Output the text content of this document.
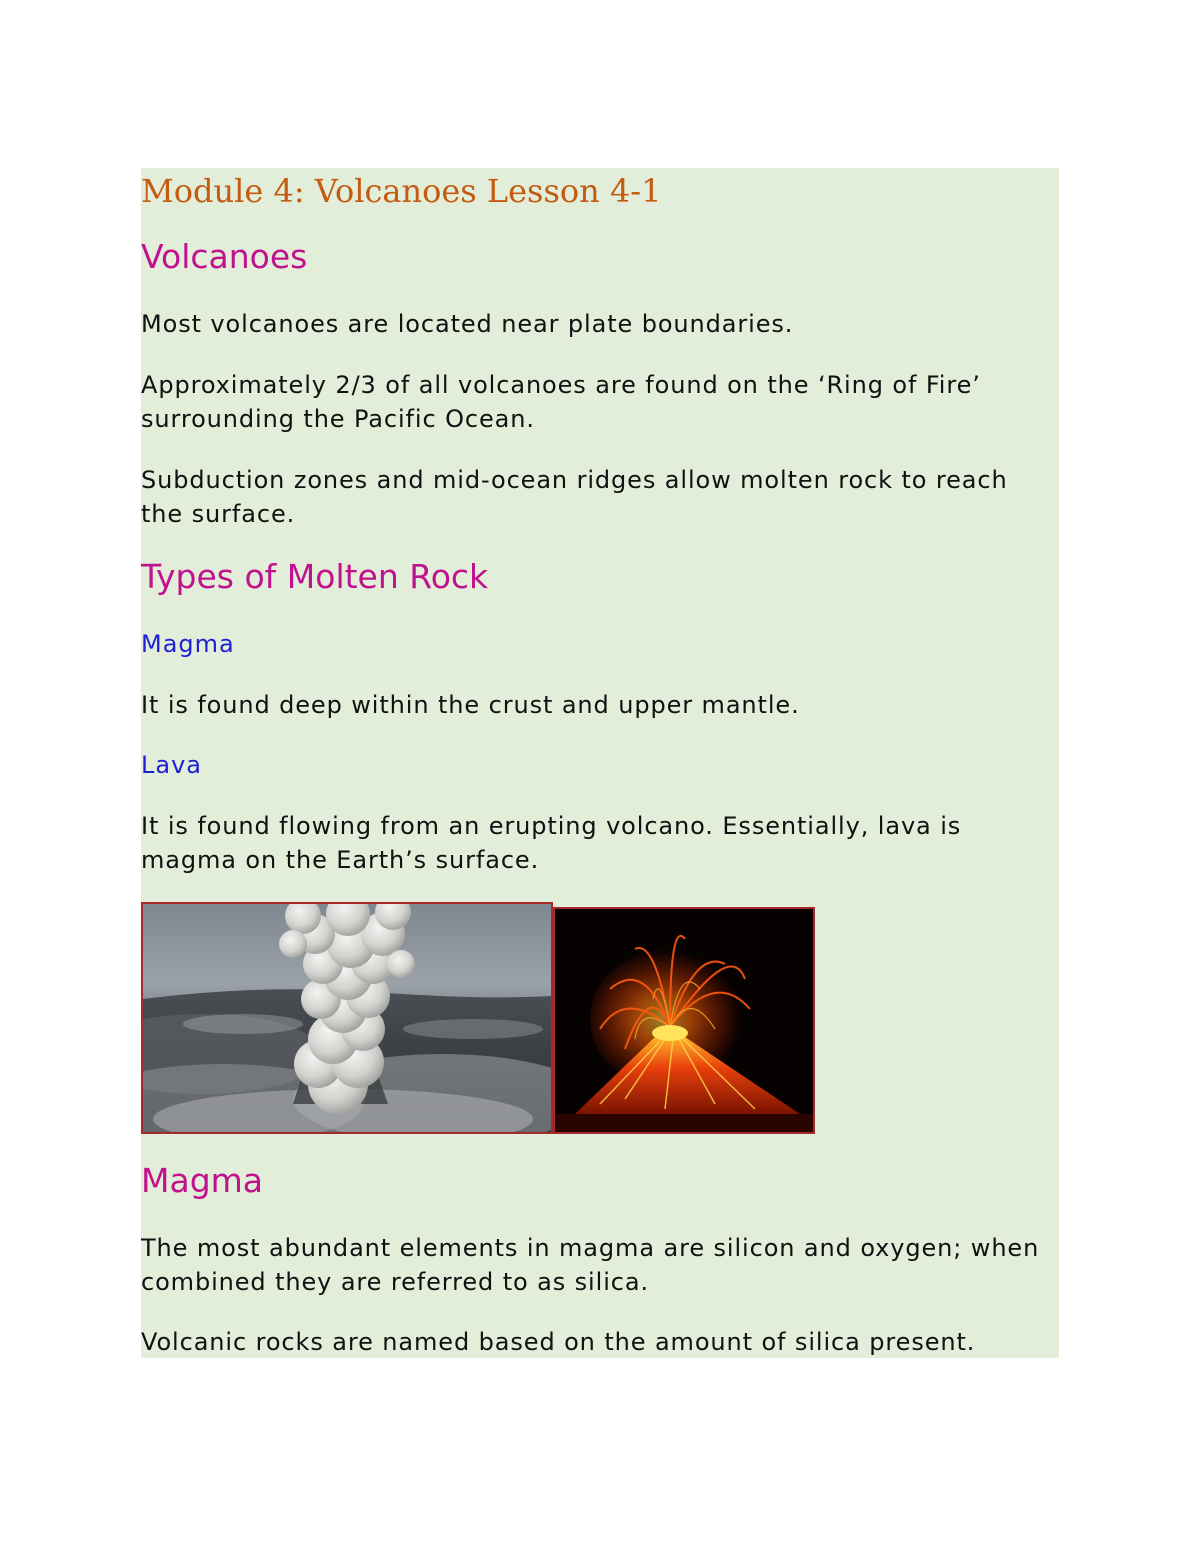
Module 4: Volcanoes Lesson 4-1
Volcanoes

Most volcanoes are located near plate boundaries.

Approximately 2/3 of all volcanoes are found on the ‘Ring of Fire’ surrounding the Pacific Ocean.

Subduction zones and mid-ocean ridges allow molten rock to reach the surface.

Types of Molten Rock
Magma

It is found deep within the crust and upper mantle.

Lava

It is found flowing from an erupting volcano. Essentially, lava is magma on the Earth’s surface.

Magma

The most abundant elements in magma are silicon and oxygen; when combined they are referred to as silica.

Volcanic rocks are named based on the amount of silica present.
